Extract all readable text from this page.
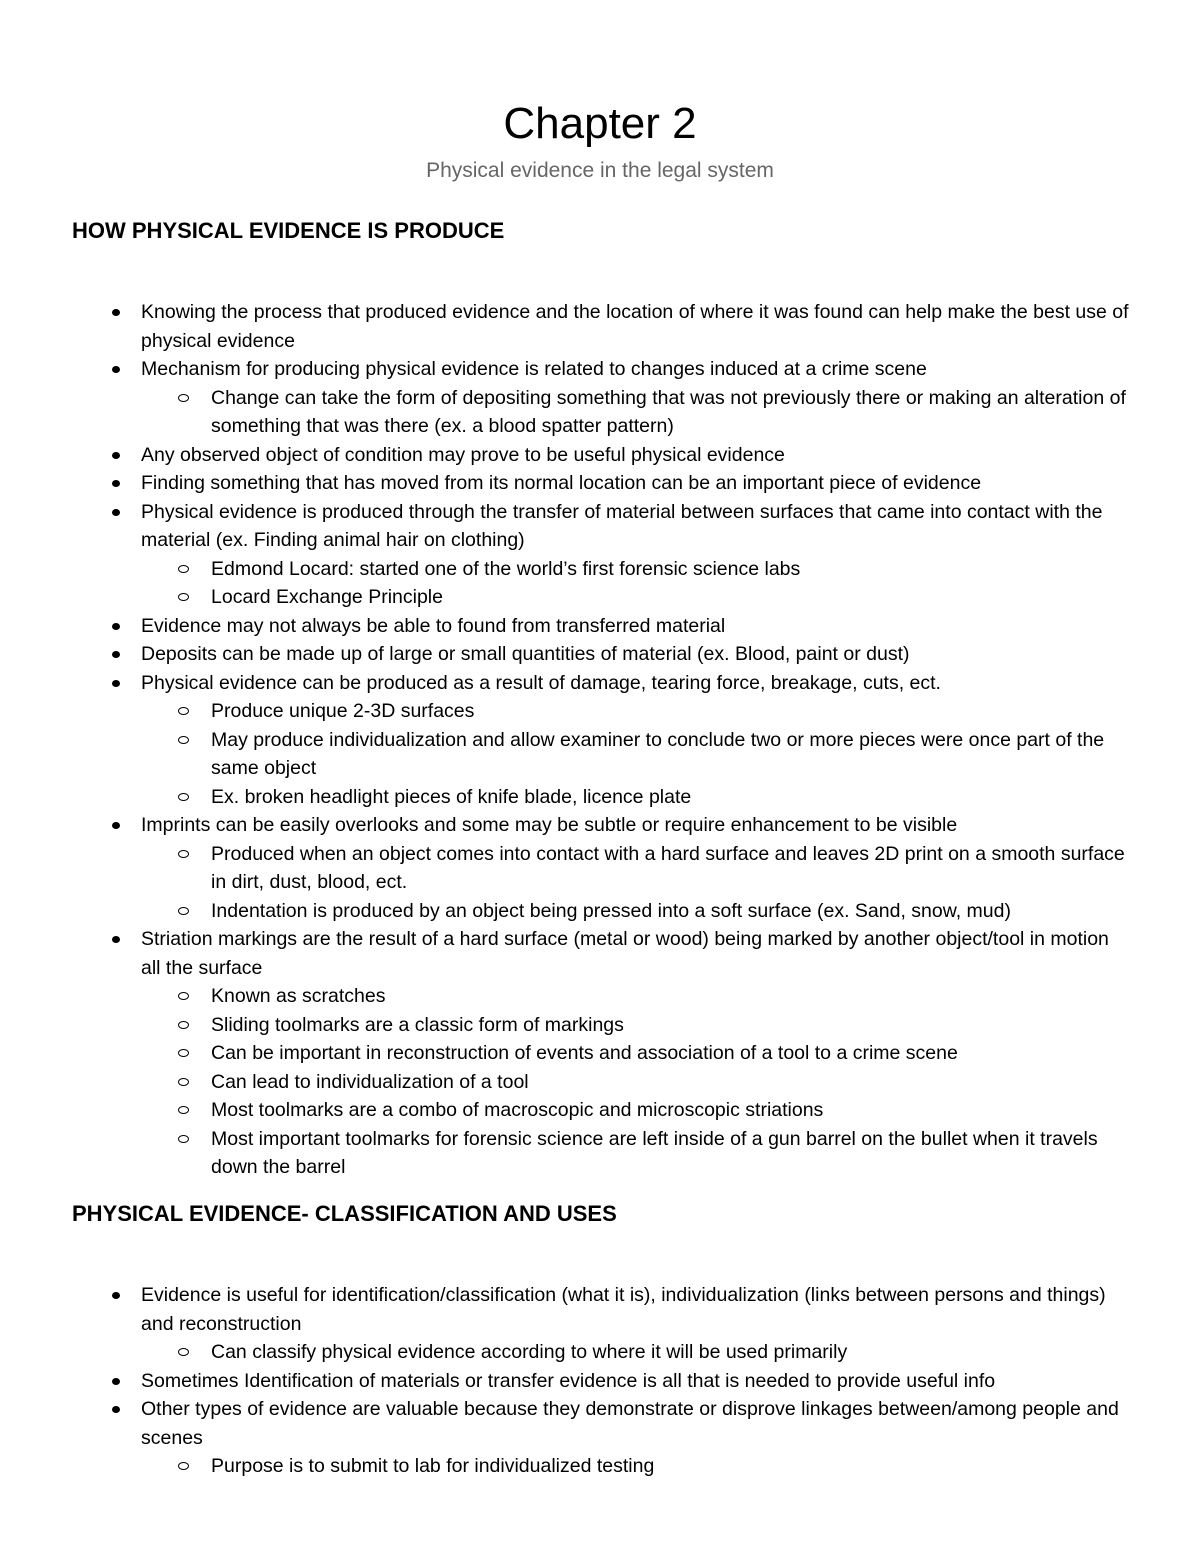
Chapter 2
Physical evidence in the legal system
HOW PHYSICAL EVIDENCE IS PRODUCE
Knowing the process that produced evidence and the location of where it was found can help make the best use of physical evidence
Mechanism for producing physical evidence is related to changes induced at a crime scene
Change can take the form of depositing something that was not previously there or making an alteration of something that was there (ex. a blood spatter pattern)
Any observed object of condition may prove to be useful physical evidence
Finding something that has moved from its normal location can be an important piece of evidence
Physical evidence is produced through the transfer of material between surfaces that came into contact with the material (ex. Finding animal hair on clothing)
Edmond Locard: started one of the world’s first forensic science labs
Locard Exchange Principle
Evidence may not always be able to found from transferred material
Deposits can be made up of large or small quantities of material (ex. Blood, paint or dust)
Physical evidence can be produced as a result of damage, tearing force, breakage, cuts, ect.
Produce unique 2-3D surfaces
May produce individualization and allow examiner to conclude two or more pieces were once part of the same object
Ex. broken headlight pieces of knife blade, licence plate
Imprints can be easily overlooks and some may be subtle or require enhancement to be visible
Produced when an object comes into contact with a hard surface and leaves 2D print on a smooth surface in dirt, dust, blood, ect.
Indentation is produced by an object being pressed into a soft surface (ex. Sand, snow, mud)
Striation markings are the result of a hard surface (metal or wood) being marked by another object/tool in motion all the surface
Known as scratches
Sliding toolmarks are a classic form of markings
Can be important in reconstruction of events and association of a tool to a crime scene
Can lead to individualization of a tool
Most toolmarks are a combo of macroscopic and microscopic striations
Most important toolmarks for forensic science are left inside of a gun barrel on the bullet when it travels down the barrel
PHYSICAL EVIDENCE- CLASSIFICATION AND USES
Evidence is useful for identification/classification (what it is), individualization (links between persons and things) and reconstruction
Can classify physical evidence according to where it will be used primarily
Sometimes Identification of materials or transfer evidence is all that is needed to provide useful info
Other types of evidence are valuable because they demonstrate or disprove linkages between/among people and scenes
Purpose is to submit to lab for individualized testing
